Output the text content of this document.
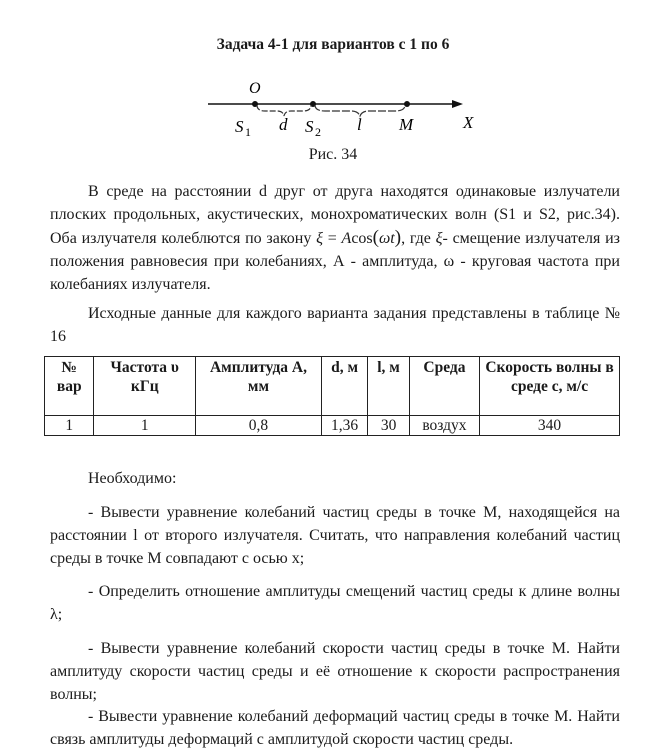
Задача 4-1 для вариантов с 1 по 6
O
S 1 d S 2 l M	X
Рис. 34

В среде на расстоянии d друг от друга находятся одинаковые излучатели плоских продольных, акустических, монохроматических волн (S1 и S2, рис.34). Оба излучателя колеблются по закону ξ = Acos(ωt), где ξ- смещение излучателя из положения равновесия при колебаниях, А - амплитуда, ω - круговая частота при колебаниях излучателя.

Исходные данные для каждого варианта задания представлены в таблице № 16

№ вар	Частота υ кГц	Амплитуда А, мм	d, м	l, м	Среда	Скорость волны в среде с, м/с
1	1	0,8	1,36	30	воздух	340

Необходимо:

- Вывести уравнение колебаний частиц среды в точке М, находящейся на расстоянии l от второго излучателя. Считать, что направления колебаний частиц среды в точке М совпадают с осью x;

- Определить отношение амплитуды смещений частиц среды к длине волны λ;

- Вывести уравнение колебаний скорости частиц среды в точке М. Найти амплитуду скорости частиц среды и её отношение к скорости распространения волны;

- Вывести уравнение колебаний деформаций частиц среды в точке М. Найти связь амплитуды деформаций с амплитудой скорости частиц среды.
